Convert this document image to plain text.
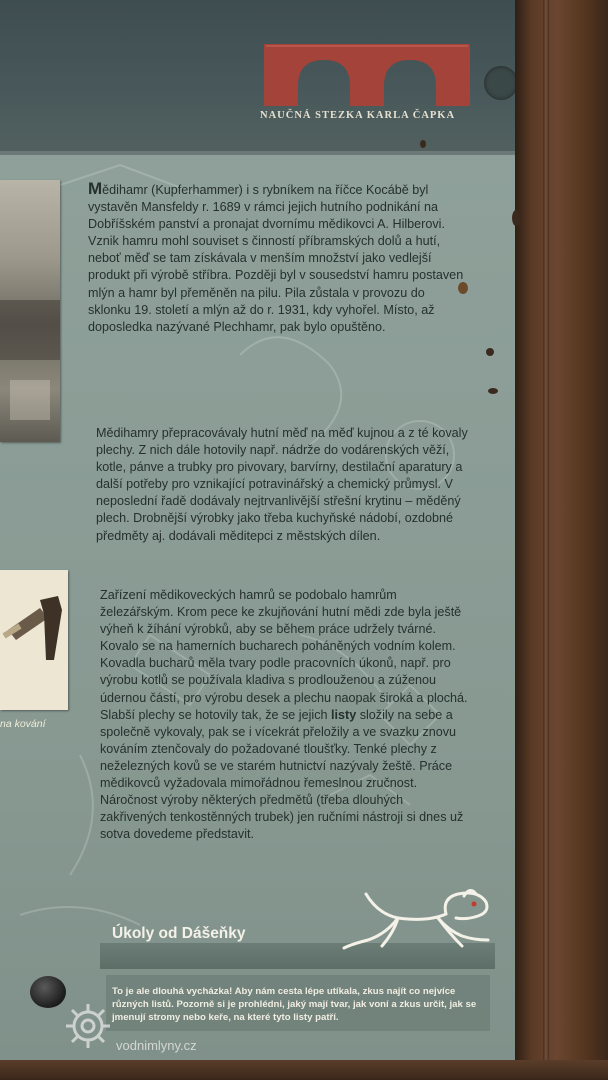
NAUČNÁ STEZKA KARLA ČAPKA
na kování

Mědihamr (Kupferhammer) i s rybníkem na říčce Kocábě byl vystavěn Mansfeldy r. 1689 v rámci jejich hutního podnikání na Dobříšském panství a pronajat dvornímu mědikovci A. Hilberovi. Vznik hamru mohl souviset s činností příbramských dolů a hutí, neboť měď se tam získávala v menším množství jako vedlejší produkt při výrobě stříbra. Později byl v sousedství hamru postaven mlýn a hamr byl přeměněn na pilu. Pila zůstala v provozu do sklonku 19. století a mlýn až do r. 1931, kdy vyhořel. Místo, až doposledka nazývané Plechhamr, pak bylo opuštěno.

Mědihamry přepracovávaly hutní měď na měď kujnou a z té kovaly plechy. Z nich dále hotovily např. nádrže do vodárenských věží, kotle, pánve a trubky pro pivovary, barvírny, destilační aparatury a další potřeby pro vznikající potravinářský a chemický průmysl. V neposlední řadě dodávaly nejtrvanlivější střešní krytinu – měděný plech. Drobnější výrobky jako třeba kuchyňské nádobí, ozdobné předměty aj. dodávali měditepci z městských dílen.

Zařízení mědikoveckých hamrů se podobalo hamrům železářským. Krom pece ke zkujňování hutní mědi zde byla ještě výheň k žíhání výrobků, aby se během práce udržely tvárné. Kovalo se na hamerních bucharech poháněných vodním kolem. Kovadla bucharů měla tvary podle pracovních úkonů, např. pro výrobu kotlů se používala kladiva s prodlouženou a zúženou údernou částí, pro výrobu desek a plechu naopak široká a plochá. Slabší plechy se hotovily tak, že se jejich listy složily na sebe a společně vykovaly, pak se i vícekrát přeložily a ve svazku znovu kováním ztenčovaly do požadované tloušťky. Tenké plechy z neželezných kovů se ve starém hutnictví nazývaly žeště. Práce mědikovců vyžadovala mimořádnou řemeslnou zručnost. Náročnost výroby některých předmětů (třeba dlouhých zakřivených tenkostěnných trubek) jen ručními nástroji si dnes už sotva dovedeme představit.

Úkoly od Dášeňky
To je ale dlouhá vycházka! Aby nám cesta lépe utíkala, zkus najít co nejvíce různých listů. Pozorně si je prohlédni, jaký mají tvar, jak voní a zkus určit, jak se jmenují stromy nebo keře, na které tyto listy patří.
vodnimlyny.cz
